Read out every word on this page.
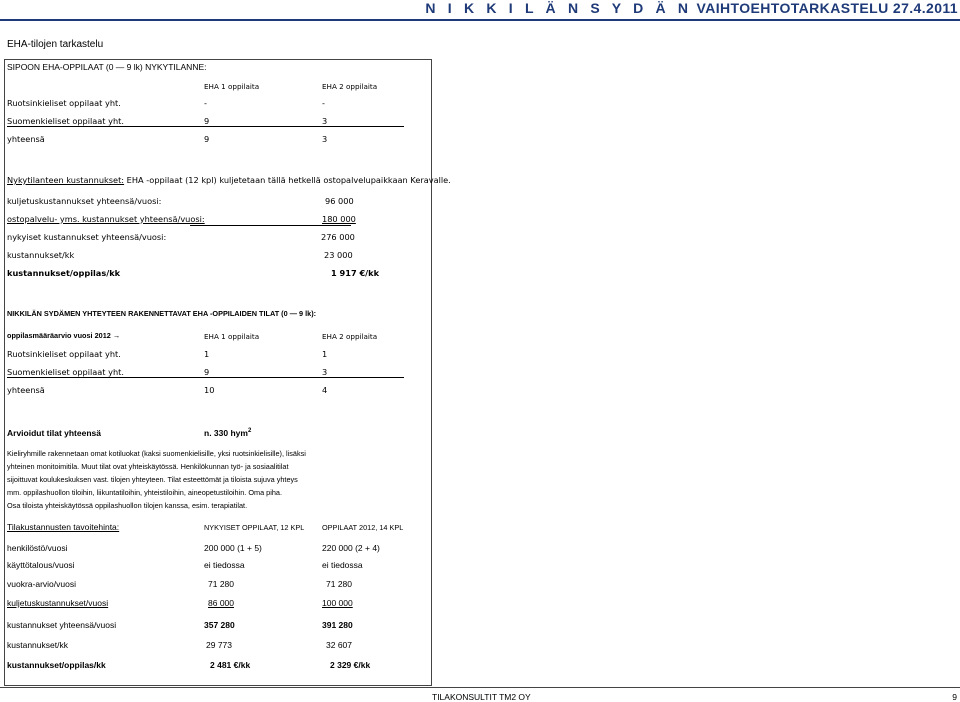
N I K K I L Ä N S Y D Ä N VAIHTOEHTOTARKASTELU 27.4.2011
EHA-tilojen tarkastelu
SIPOON EHA-OPPILAAT (0 — 9 lk) NYKYTILANNE:
EHA 1 oppilaita	EHA 2 oppilaita
Ruotsinkieliset oppilaat yht.	-	-
Suomenkieliset oppilaat yht.	9	3
yhteensä	9	3
Nykytilanteen kustannukset: EHA -oppilaat (12 kpl) kuljetetaan tällä hetkellä ostopalvelupaikkaan Keravalle.
kuljetuskustannukset yhteensä/vuosi:	96 000
ostopalvelu- yms. kustannukset yhteensä/vuosi:	180 000
nykyiset kustannukset yhteensä/vuosi:	276 000
kustannukset/kk	23 000
kustannukset/oppilas/kk	1 917 €/kk
NIKKILÄN SYDÄMEN YHTEYTEEN RAKENNETTAVAT EHA -OPPILAIDEN TILAT (0 — 9 lk):
oppilasmääräarvio vuosi 2012 →	EHA 1 oppilaita	EHA 2 oppilaita
Ruotsinkieliset oppilaat yht.	1	1
Suomenkieliset oppilaat yht.	9	3
yhteensä	10	4
Arvioidut tilat yhteensä	n. 330 hym$^2$
Kieliryhmille rakennetaan omat kotiluokat (kaksi suomenkielisille, yksi ruotsinkielisille), lisäksi
yhteinen monitoimitila. Muut tilat ovat yhteiskäytössä. Henkilökunnan työ- ja sosiaalitilat
sijoittuvat koulukeskuksen vast. tilojen yhteyteen. Tilat esteettömät ja tiloista sujuva yhteys
mm. oppilashuollon tiloihin, liikuntatiloihin, yhteistiloihin, aineopetustiloihin. Oma piha.
Osa tiloista yhteiskäytössä oppilashuollon tilojen kanssa, esim. terapiatilat.
Tilakustannusten tavoitehinta:	NYKYISET OPPILAAT, 12 KPL OPPILAAT 2012, 14 KPL
henkilöstö/vuosi	200 000 (1 + 5)	220 000 (2 + 4)
käyttötalous/vuosi	ei tiedossa	ei tiedossa
vuokra-arvio/vuosi	71 280	71 280
kuljetuskustannukset/vuosi	86 000	100 000
kustannukset yhteensä/vuosi	357 280	391 280
kustannukset/kk	29 773	32 607
kustannukset/oppilas/kk	2 481 €/kk	2 329 €/kk
TILAKONSULTIT TM2 OY	9
